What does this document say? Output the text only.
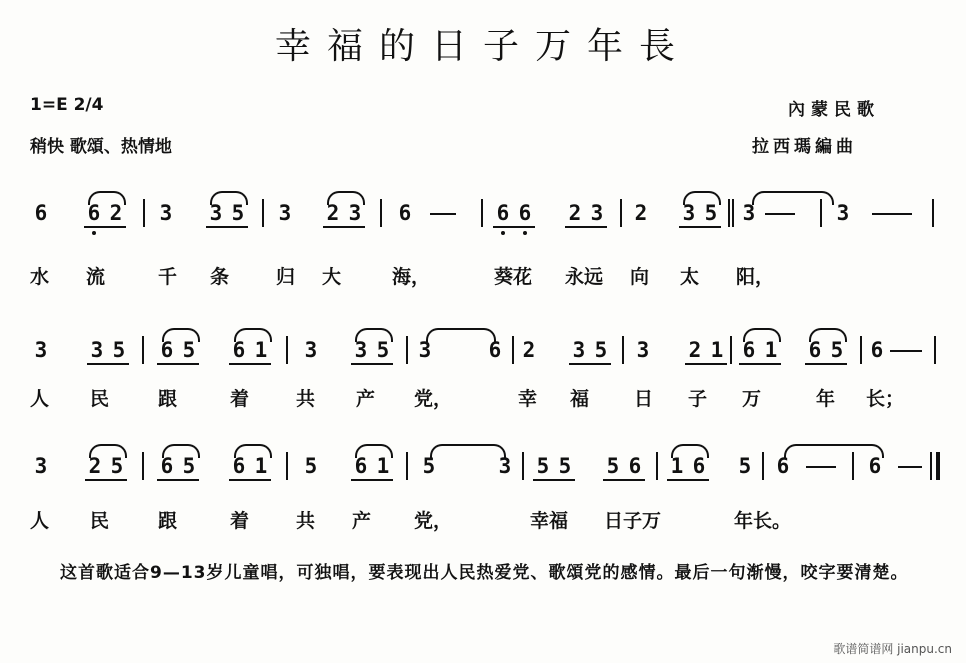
幸福的日子万年長
1=E 2/4
稍快 歌頌、热情地
內蒙民歌
拉西瑪編曲
6 6 2 3 3 5 3 2 3 6	6 6 2 3 2 3 5 3	3
水 流	千 条 归 大	海，	葵花 永远 向 太 阳，
3 3 5 6 5 6 1 3 3 5 3	6 2 3 5 3 2 1 6 1 6 5 6
人 民	跟	着 共 产 党，	幸 福 日 子 万	年 长；
3 2 5 6 5 6 1 5 6 1 5	3 5 5 5 6 1 6 5 6	6
人 民	跟	着 共 产 党，	幸福 日子万	年长。
这首歌适合9—13岁儿童唱，可独唱，要表现出人民热爱党、歌頌党的感情。最后一句渐慢，咬字要清楚。
歌谱简谱网 jianpu.cn
